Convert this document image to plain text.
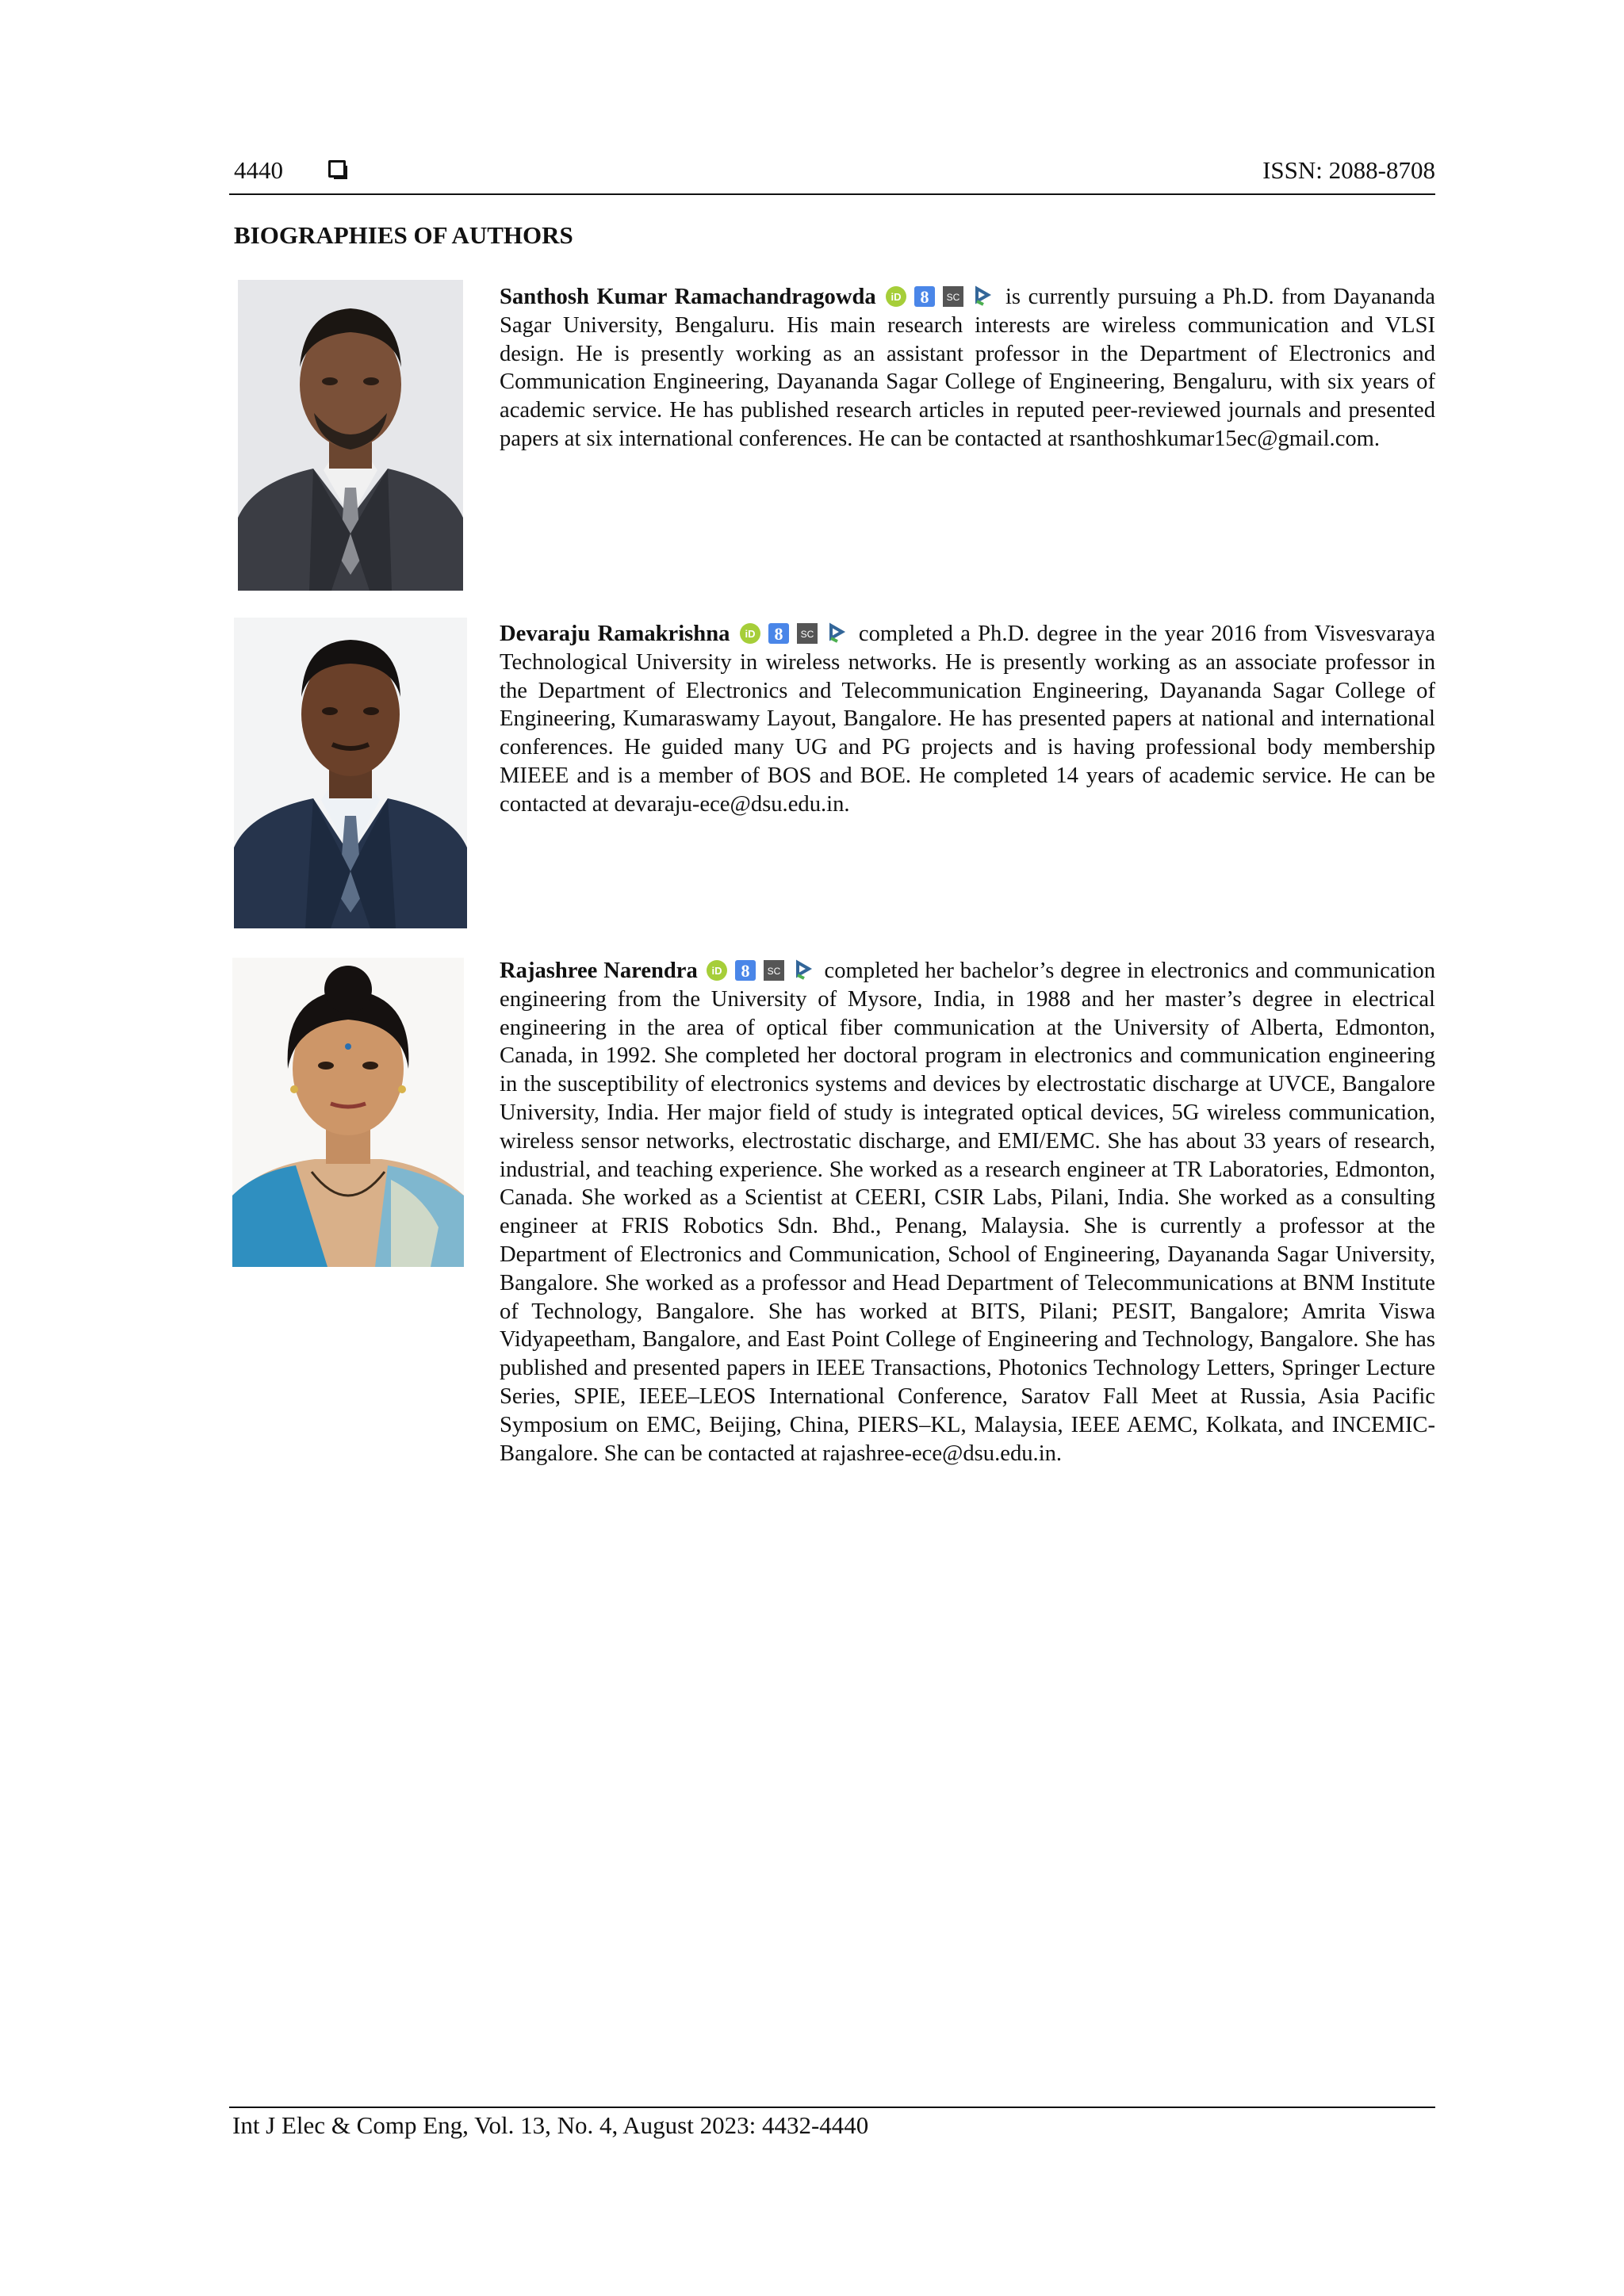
4440	ISSN: 2088-8708
BIOGRAPHIES OF AUTHORS
Santhosh Kumar Ramachandragowda iD 8 SC is currently pursuing a Ph.D. from Dayananda Sagar University, Bengaluru. His main research interests are wireless communication and VLSI design. He is presently working as an assistant professor in the Department of Electronics and Communication Engineering, Dayananda Sagar College of Engineering, Bengaluru, with six years of academic service. He has published research articles in reputed peer-reviewed journals and presented papers at six international conferences. He can be contacted at rsanthoshkumar15ec@gmail.com.
Devaraju Ramakrishna iD 8 SC completed a Ph.D. degree in the year 2016 from Visvesvaraya Technological University in wireless networks. He is presently working as an associate professor in the Department of Electronics and Telecommunication Engineering, Dayananda Sagar College of Engineering, Kumaraswamy Layout, Bangalore. He has presented papers at national and international conferences. He guided many UG and PG projects and is having professional body membership MIEEE and is a member of BOS and BOE. He completed 14 years of academic service. He can be contacted at devaraju-ece@dsu.edu.in.
Rajashree Narendra iD 8 SC completed her bachelor’s degree in electronics and communication engineering from the University of Mysore, India, in 1988 and her master’s degree in electrical engineering in the area of optical fiber communication at the University of Alberta, Edmonton, Canada, in 1992. She completed her doctoral program in electronics and communication engineering in the susceptibility of electronics systems and devices by electrostatic discharge at UVCE, Bangalore University, India. Her major field of study is integrated optical devices, 5G wireless communication, wireless sensor networks, electrostatic discharge, and EMI/EMC. She has about 33 years of research, industrial, and teaching experience. She worked as a research engineer at TR Laboratories, Edmonton, Canada. She worked as a Scientist at CEERI, CSIR Labs, Pilani, India. She worked as a consulting engineer at FRIS Robotics Sdn. Bhd., Penang, Malaysia. She is currently a professor at the Department of Electronics and Communication, School of Engineering, Dayananda Sagar University, Bangalore. She worked as a professor and Head Department of Telecommunications at BNM Institute of Technology, Bangalore. She has worked at BITS, Pilani; PESIT, Bangalore; Amrita Viswa Vidyapeetham, Bangalore, and East Point College of Engineering and Technology, Bangalore. She has published and presented papers in IEEE Transactions, Photonics Technology Letters, Springer Lecture Series, SPIE, IEEE–LEOS International Conference, Saratov Fall Meet at Russia, Asia Pacific Symposium on EMC, Beijing, China, PIERS–KL, Malaysia, IEEE AEMC, Kolkata, and INCEMIC-Bangalore. She can be contacted at rajashree-ece@dsu.edu.in.
Int J Elec & Comp Eng, Vol. 13, No. 4, August 2023: 4432-4440
